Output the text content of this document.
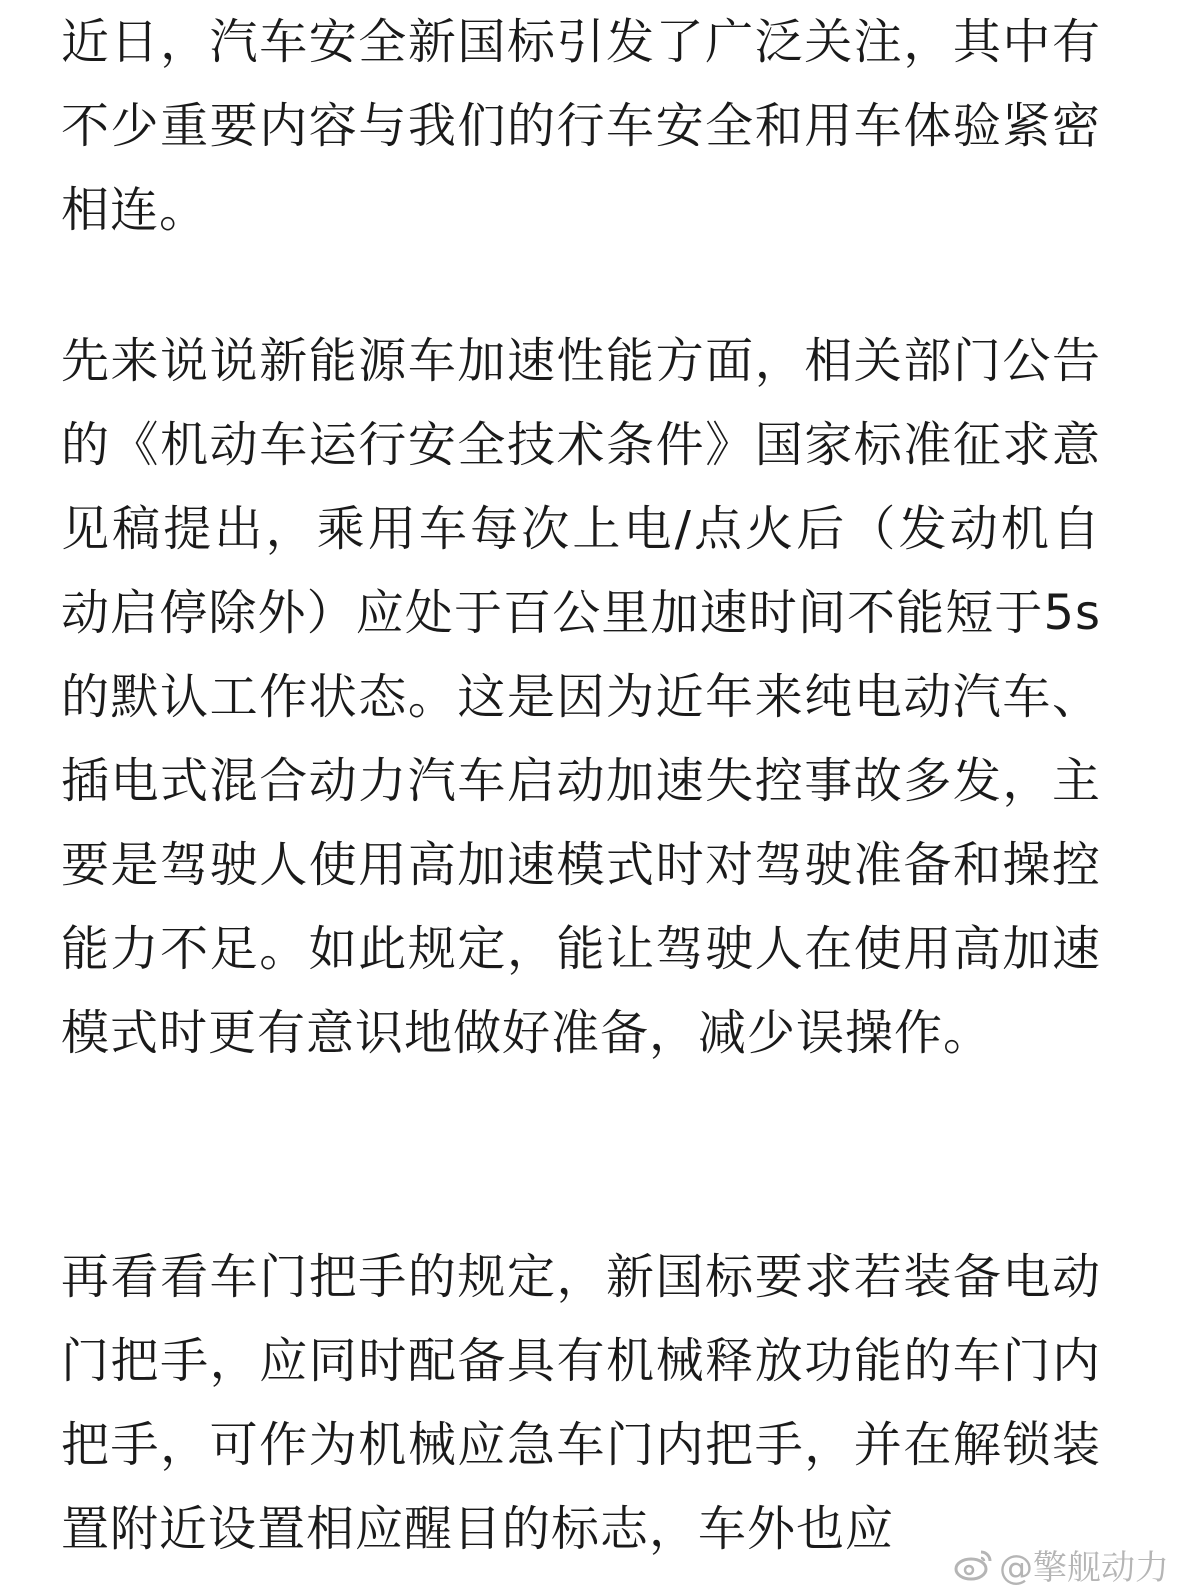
近日，汽车安全新国标引发了广泛关注，其中有不少重要内容与我们的行车安全和用车体验紧密相连。

先来说说新能源车加速性能方面，相关部门公告的《机动车运行安全技术条件》国家标准征求意见稿提出，乘用车每次上电/点火后（发动机自动启停除外）应处于百公里加速时间不能短于5s的默认工作状态。这是因为近年来纯电动汽车、插电式混合动力汽车启动加速失控事故多发，主要是驾驶人使用高加速模式时对驾驶准备和操控能力不足。如此规定，能让驾驶人在使用高加速模式时更有意识地做好准备，减少误操作。

再看看车门把手的规定，新国标要求若装备电动门把手，应同时配备具有机械释放功能的车门内把手，可作为机械应急车门内把手，并在解锁装置附近设置相应醒目的标志，车外也应

@擎舰动力
